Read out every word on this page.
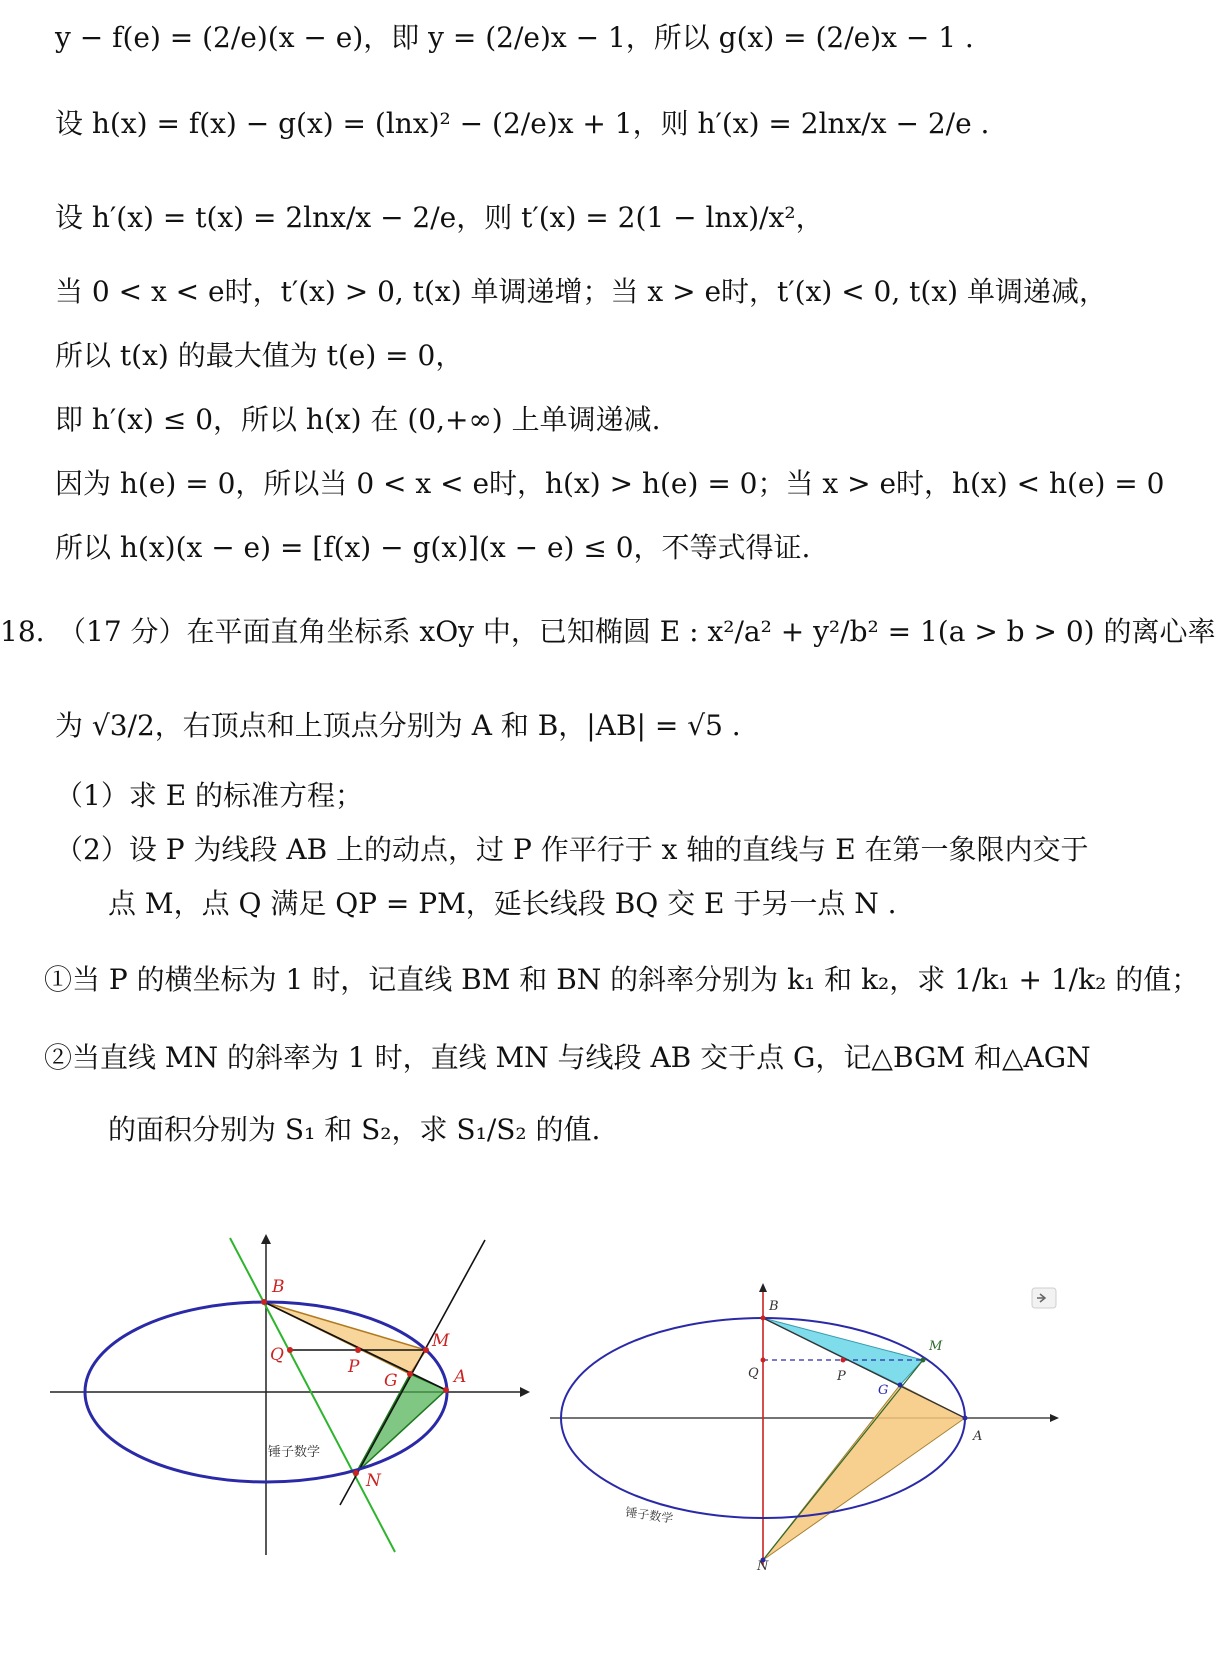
y − f(e) = (2/e)(x − e)，即 y = (2/e)x − 1，所以 g(x) = (2/e)x − 1 .
设 h(x) = f(x) − g(x) = (lnx)² − (2/e)x + 1，则 h′(x) = 2lnx/x − 2/e .
设 h′(x) = t(x) = 2lnx/x − 2/e，则 t′(x) = 2(1 − lnx)/x²，
当 0 < x < e时，t′(x) > 0, t(x) 单调递增；当 x > e时，t′(x) < 0, t(x) 单调递减，
所以 t(x) 的最大值为 t(e) = 0，
即 h′(x) ≤ 0，所以 h(x) 在 (0,+∞) 上单调递减.
因为 h(e) = 0，所以当 0 < x < e时，h(x) > h(e) = 0；当 x > e时，h(x) < h(e) = 0
所以 h(x)(x − e) = [f(x) − g(x)](x − e) ≤ 0，不等式得证.
18. （17 分）在平面直角坐标系 xOy 中，已知椭圆 E : x²/a² + y²/b² = 1(a > b > 0) 的离心率
为 √3/2，右顶点和上顶点分别为 A 和 B，|AB| = √5 .
（1）求 E 的标准方程；
（2）设 P 为线段 AB 上的动点，过 P 作平行于 x 轴的直线与 E 在第一象限内交于
点 M，点 Q 满足 QP = PM，延长线段 BQ 交 E 于另一点 N .
①当 P 的横坐标为 1 时，记直线 BM 和 BN 的斜率分别为 k₁ 和 k₂，求 1/k₁ + 1/k₂ 的值；
②当直线 MN 的斜率为 1 时，直线 MN 与线段 AB 交于点 G，记△BGM 和△AGN
的面积分别为 S₁ 和 S₂，求 S₁/S₂ 的值.
B
Q
P
M
G	A
N
锤子数学
B
Q	P
M
G
A
N
锤子数学
